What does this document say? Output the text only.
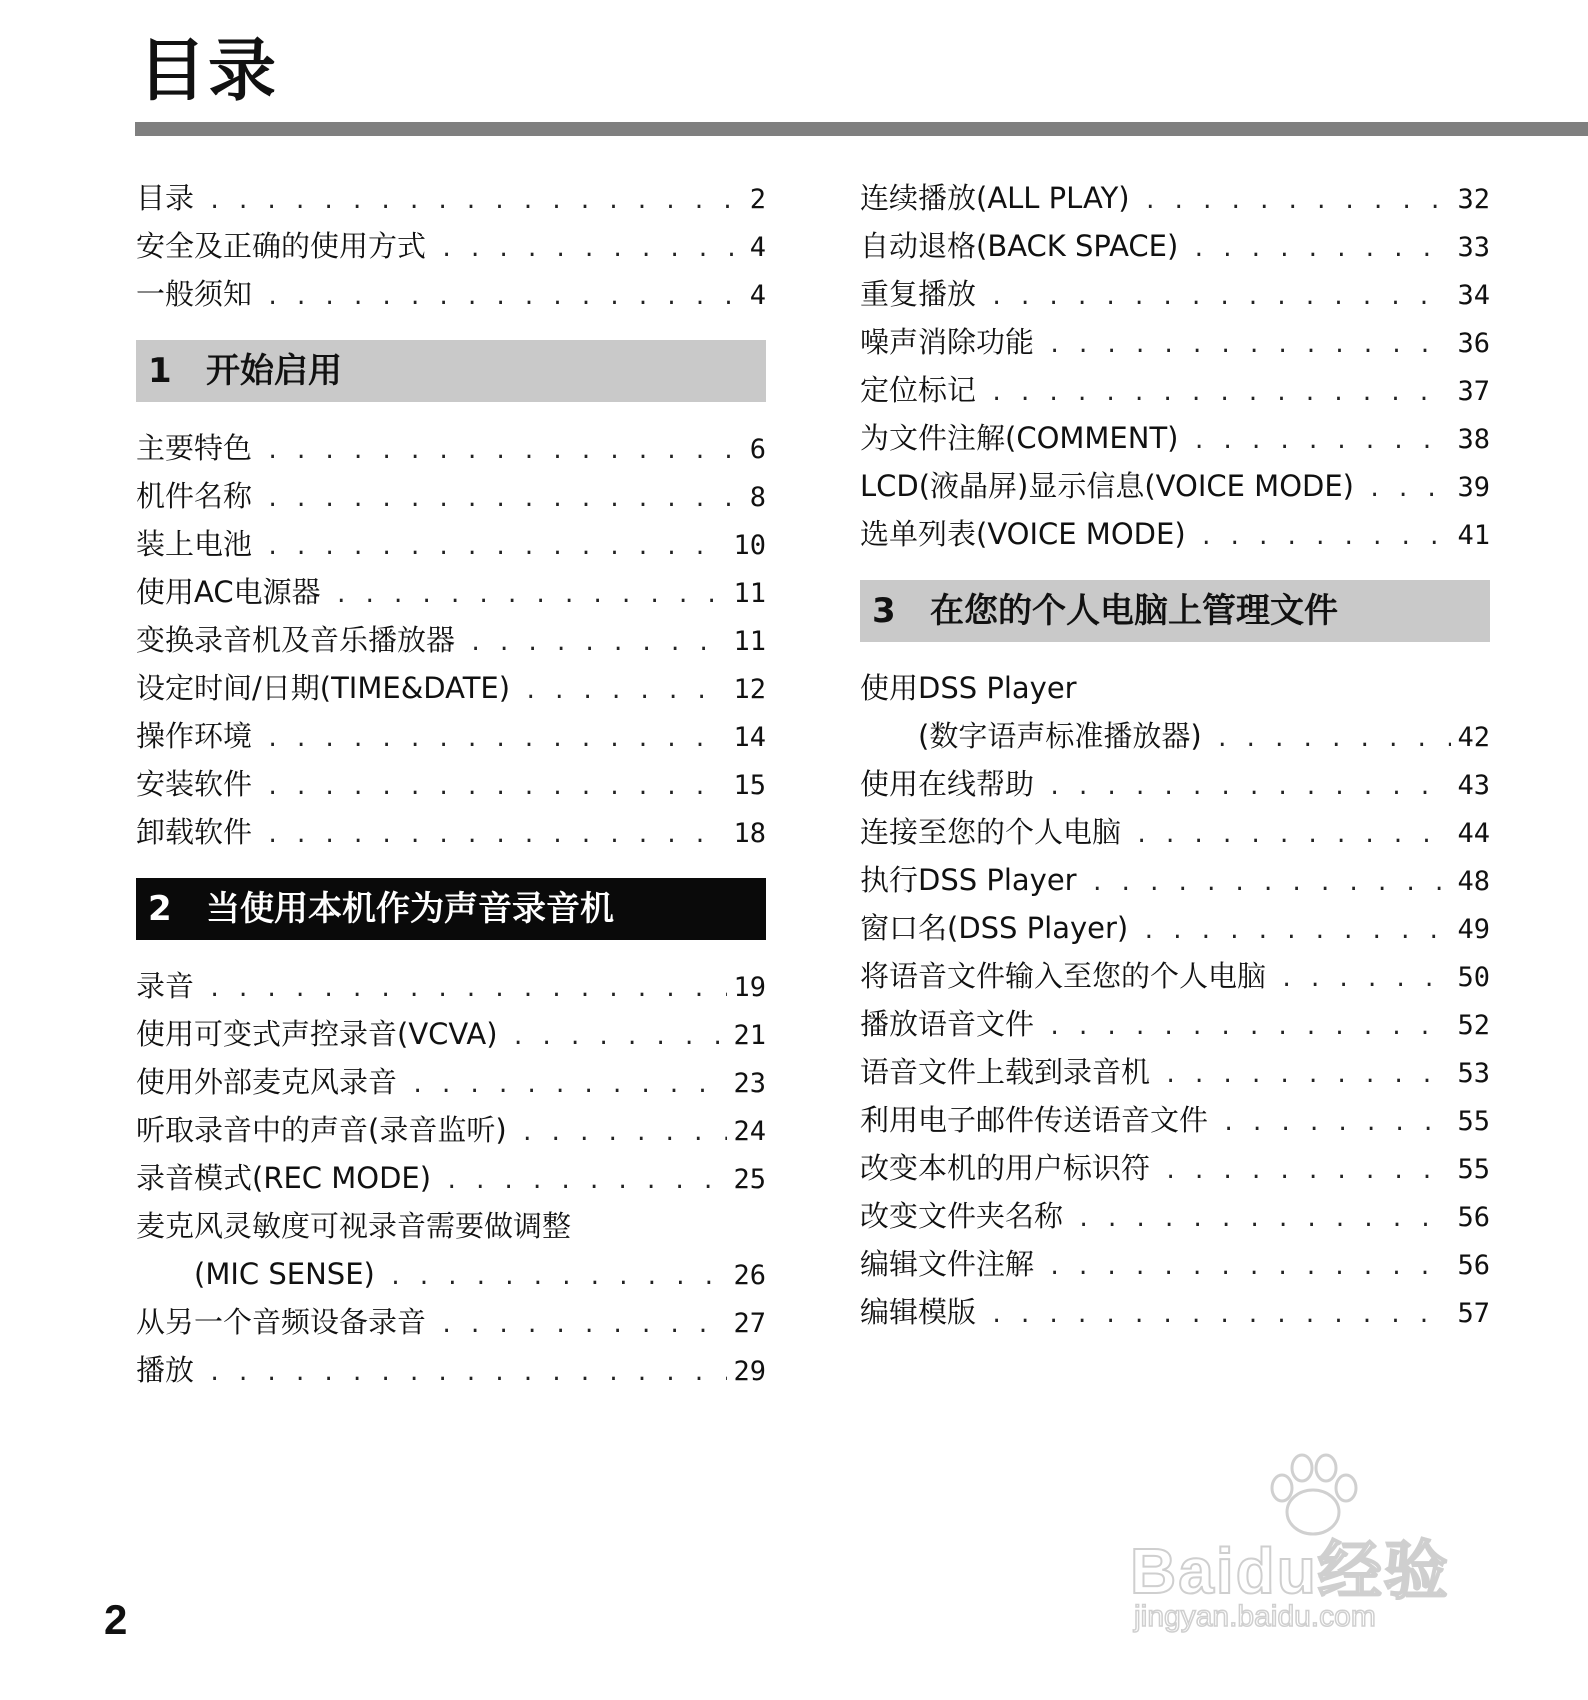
目录
目录 . . .	2
安全及正确的使用方式 . . .	4
一般须知 . . .	4
1 开始启用
主要特色 . . .	6
机件名称 . . .	8
装上电池 . . .	10
使用AC电源器 . . .	11
变换录音机及音乐播放器 . . .	11
设定时间/日期(TIME&DATE) . . .	12
操作环境 . . .	14
安装软件 . . .	15
卸载软件 . . .	18
2 当使用本机作为声音录音机
录音 . . .	19
使用可变式声控录音(VCVA) . . .	21
使用外部麦克风录音 . . .	23
听取录音中的声音(录音监听) . . .	24
录音模式(REC MODE) . . .	25
麦克风灵敏度可视录音需要做调整
(MIC SENSE) . . .	26
从另一个音频设备录音 . . .	27
播放 . . .	29
连续播放(ALL PLAY) . . .	32
自动退格(BACK SPACE) . . .	33
重复播放 . . .	34
噪声消除功能 . . .	36
定位标记 . . .	37
为文件注解(COMMENT) . . .	38
LCD(液晶屏)显示信息(VOICE MODE) . . .	39
选单列表(VOICE MODE) . . .	41
3 在您的个人电脑上管理文件
使用DSS Player
(数字语声标准播放器) . . .	42
使用在线帮助 . . .	43
连接至您的个人电脑 . . .	44
执行DSS Player . . .	48
窗口名(DSS Player) . . .	49
将语音文件输入至您的个人电脑 . . .	50
播放语音文件 . . .	52
语音文件上载到录音机 . . .	53
利用电子邮件传送语音文件 . . .	55
改变本机的用户标识符 . . .	55
改变文件夹名称 . . .	56
编辑文件注解 . . .	56
编辑模版 . . .	57
2
Baidu经验
jingyan.baidu.com
